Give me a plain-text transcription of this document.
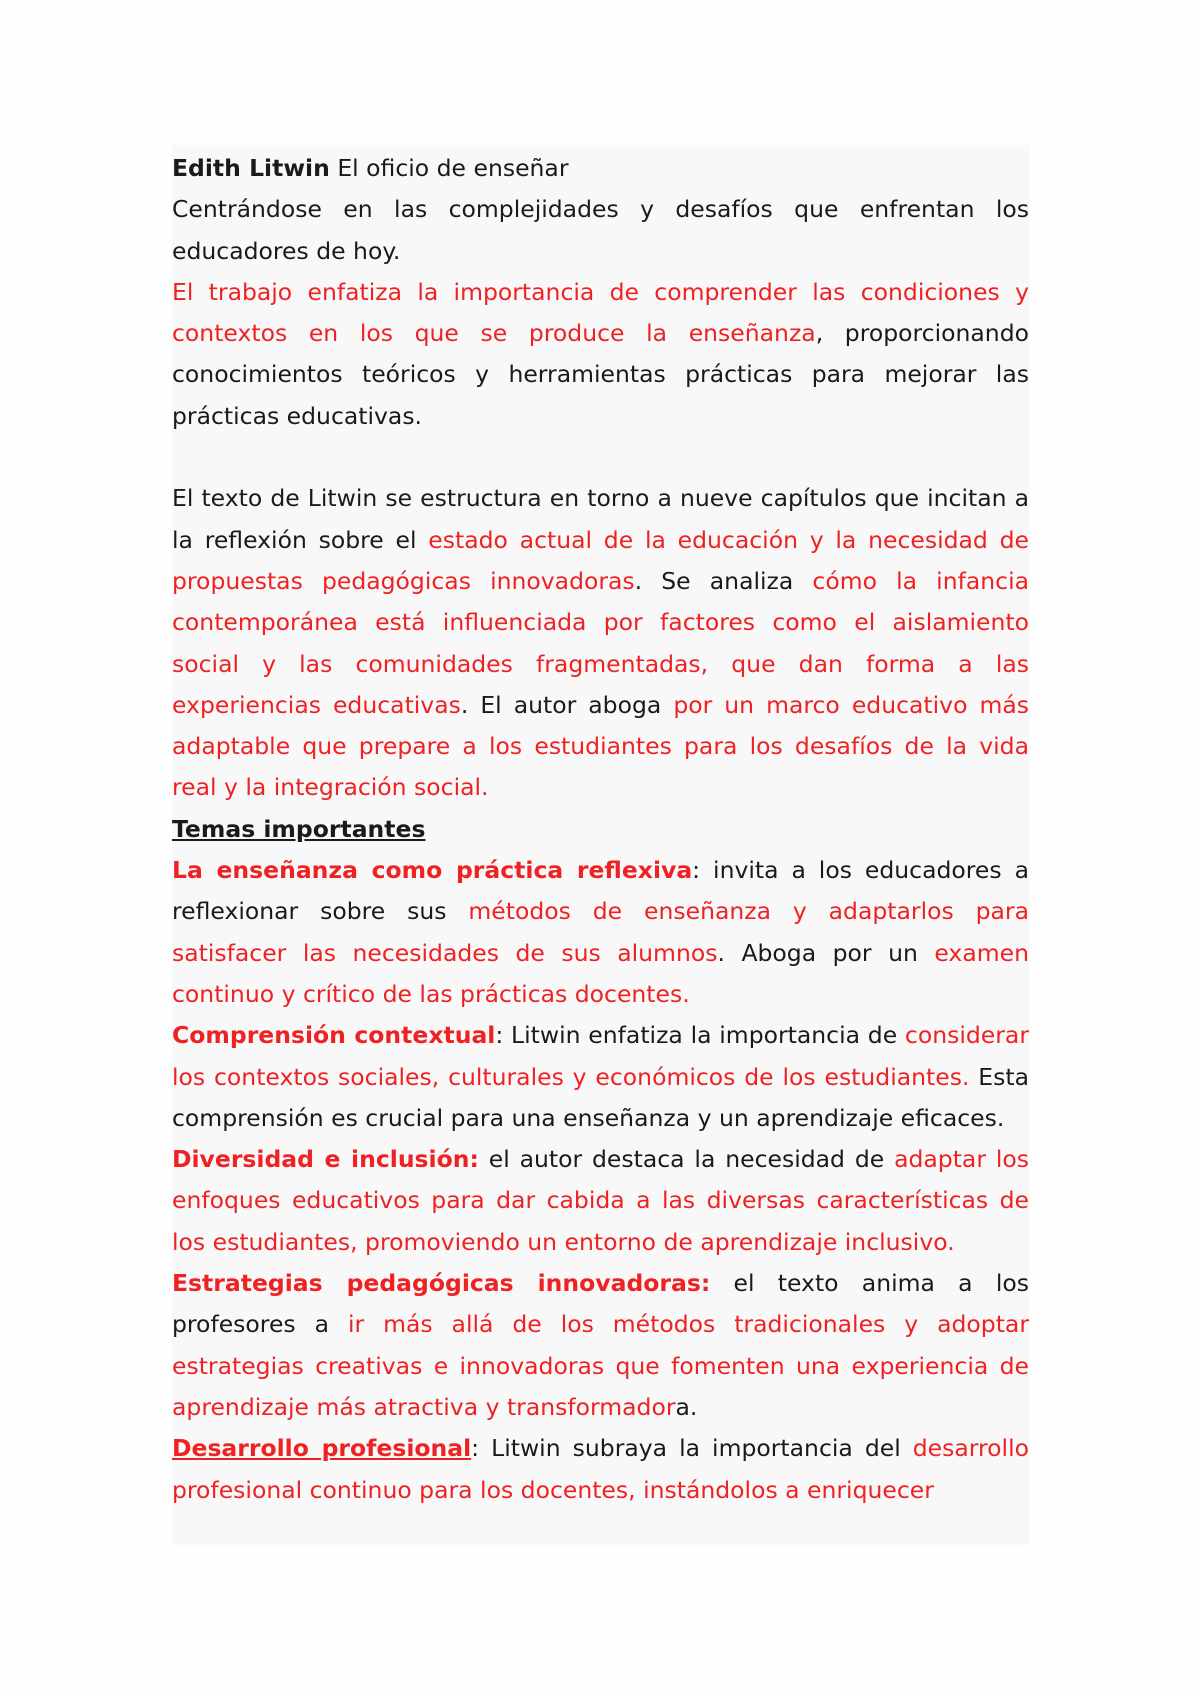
Edith Litwin El oficio de enseñar

Centrándose en las complejidades y desafíos que enfrentan los educadores de hoy.

El trabajo enfatiza la importancia de comprender las condiciones y contextos en los que se produce la enseñanza, proporcionando conocimientos teóricos y herramientas prácticas para mejorar las prácticas educativas.

El texto de Litwin se estructura en torno a nueve capítulos que incitan a la reflexión sobre el estado actual de la educación y la necesidad de propuestas pedagógicas innovadoras. Se analiza cómo la infancia contemporánea está influenciada por factores como el aislamiento social y las comunidades fragmentadas, que dan forma a las experiencias educativas. El autor aboga por un marco educativo más adaptable que prepare a los estudiantes para los desafíos de la vida real y la integración social.

Temas importantes

La enseñanza como práctica reflexiva: invita a los educadores a reflexionar sobre sus métodos de enseñanza y adaptarlos para satisfacer las necesidades de sus alumnos. Aboga por un examen continuo y crítico de las prácticas docentes.

Comprensión contextual: Litwin enfatiza la importancia de considerar los contextos sociales, culturales y económicos de los estudiantes. Esta comprensión es crucial para una enseñanza y un aprendizaje eficaces.

Diversidad e inclusión: el autor destaca la necesidad de adaptar los enfoques educativos para dar cabida a las diversas características de los estudiantes, promoviendo un entorno de aprendizaje inclusivo.

Estrategias pedagógicas innovadoras: el texto anima a los profesores a ir más allá de los métodos tradicionales y adoptar estrategias creativas e innovadoras que fomenten una experiencia de aprendizaje más atractiva y transformadora.

Desarrollo profesional: Litwin subraya la importancia del desarrollo profesional continuo para los docentes, instándolos a enriquecer
